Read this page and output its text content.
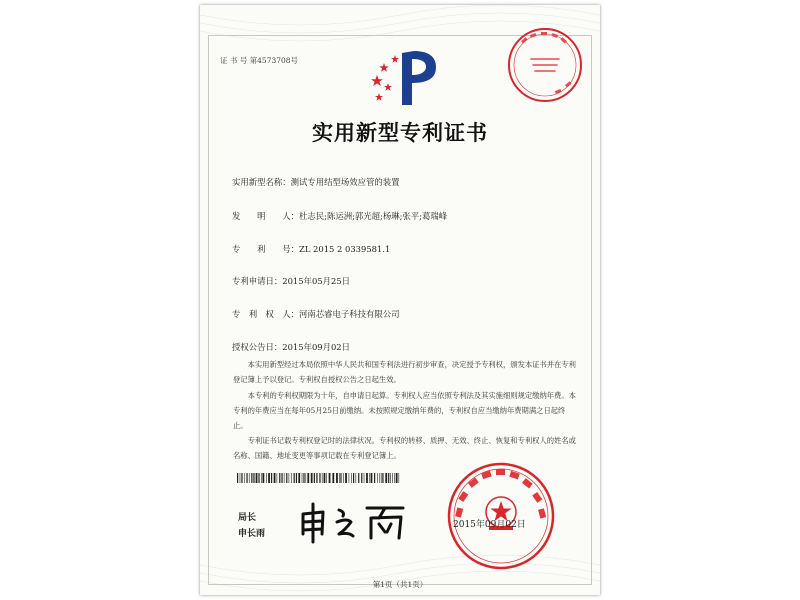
证 书 号 第4573708号
实用新型专利证书
实用新型名称：测试专用结型场效应管的装置
发　　明　　人：杜志民;陈运洲;郭光超;杨琳;张平;葛瑞峰
专　　利　　号：ZL 2015 2 0339581.1
专利申请日：2015年05月25日
专　利　权　人：河南芯睿电子科技有限公司
授权公告日：2015年09月02日
本实用新型经过本局依照中华人民共和国专利法进行初步审查，决定授予专利权，颁发本证书并在专利登记簿上予以登记。专利权自授权公告之日起生效。
本专利的专利权期限为十年，自申请日起算。专利权人应当依照专利法及其实施细则规定缴纳年费。本专利的年费应当在每年05月25日前缴纳。未按照规定缴纳年费的，专利权自应当缴纳年费期满之日起终止。
专利证书记载专利权登记时的法律状况。专利权的转移、质押、无效、终止、恢复和专利权人的姓名或名称、国籍、地址变更等事项记载在专利登记簿上。
局长
申长雨
2015年09月02日
第1页（共1页）
